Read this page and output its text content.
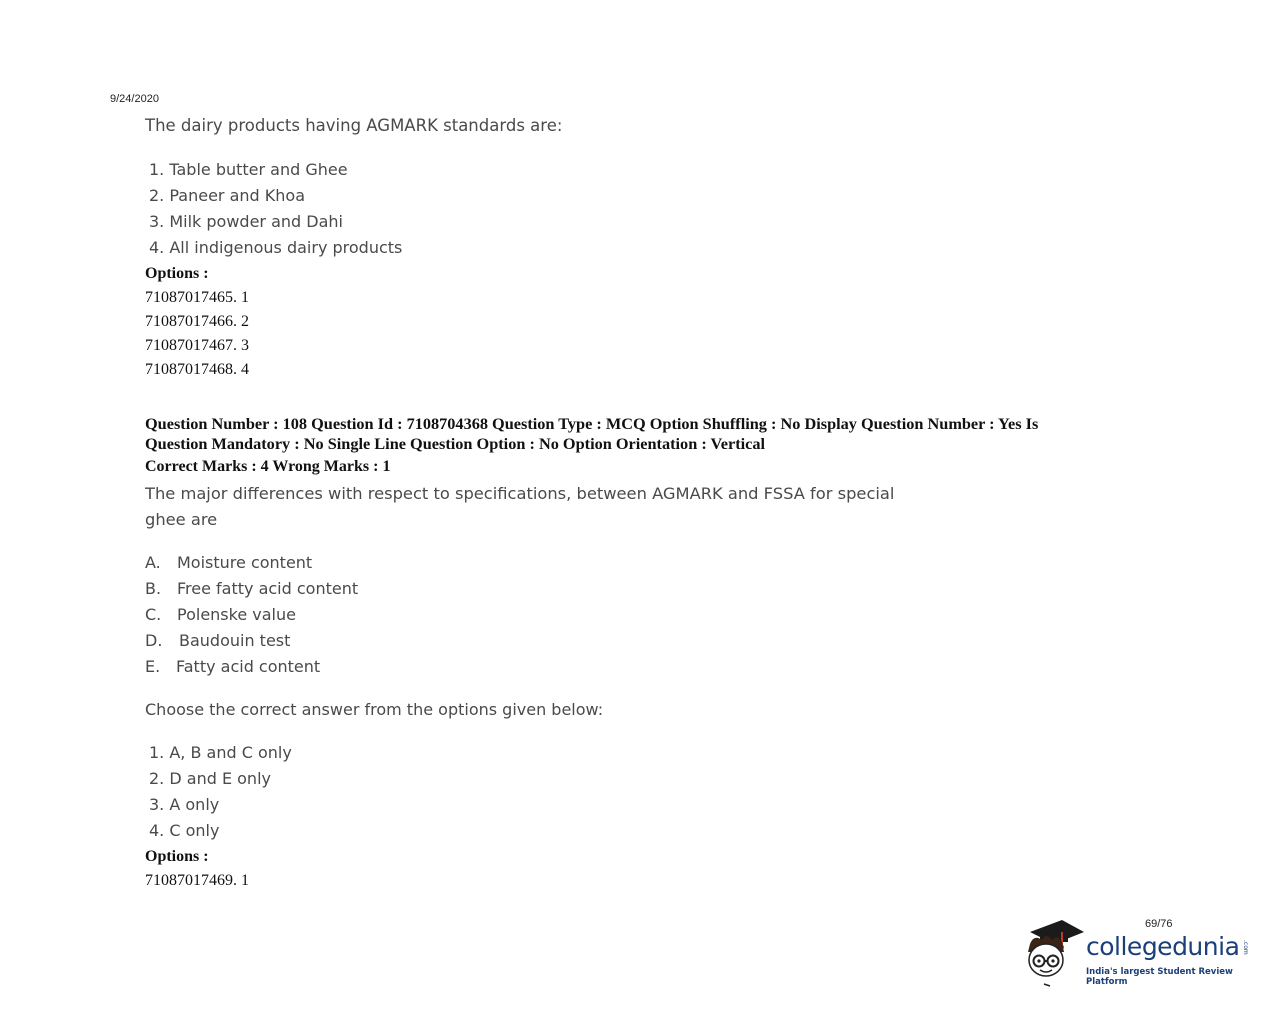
9/24/2020
The dairy products having AGMARK standards are:
1. Table butter and Ghee
2. Paneer and Khoa
3. Milk powder and Dahi
4. All indigenous dairy products
Options :
71087017465. 1
71087017466. 2
71087017467. 3
71087017468. 4
Question Number : 108 Question Id : 7108704368 Question Type : MCQ Option Shuffling : No Display Question Number : Yes Is
Question Mandatory : No Single Line Question Option : No Option Orientation : Vertical
Correct Marks : 4 Wrong Marks : 1
The major differences with respect to specifications, between AGMARK and FSSA for special
ghee are
A. Moisture content
B. Free fatty acid content
C. Polenske value
D. Baudouin test
E. Fatty acid content
Choose the correct answer from the options given below:
1. A, B and C only
2. D and E only
3. A only
4. C only
Options :
71087017469. 1
69/76
collegedunia .com
India's largest Student Review Platform
